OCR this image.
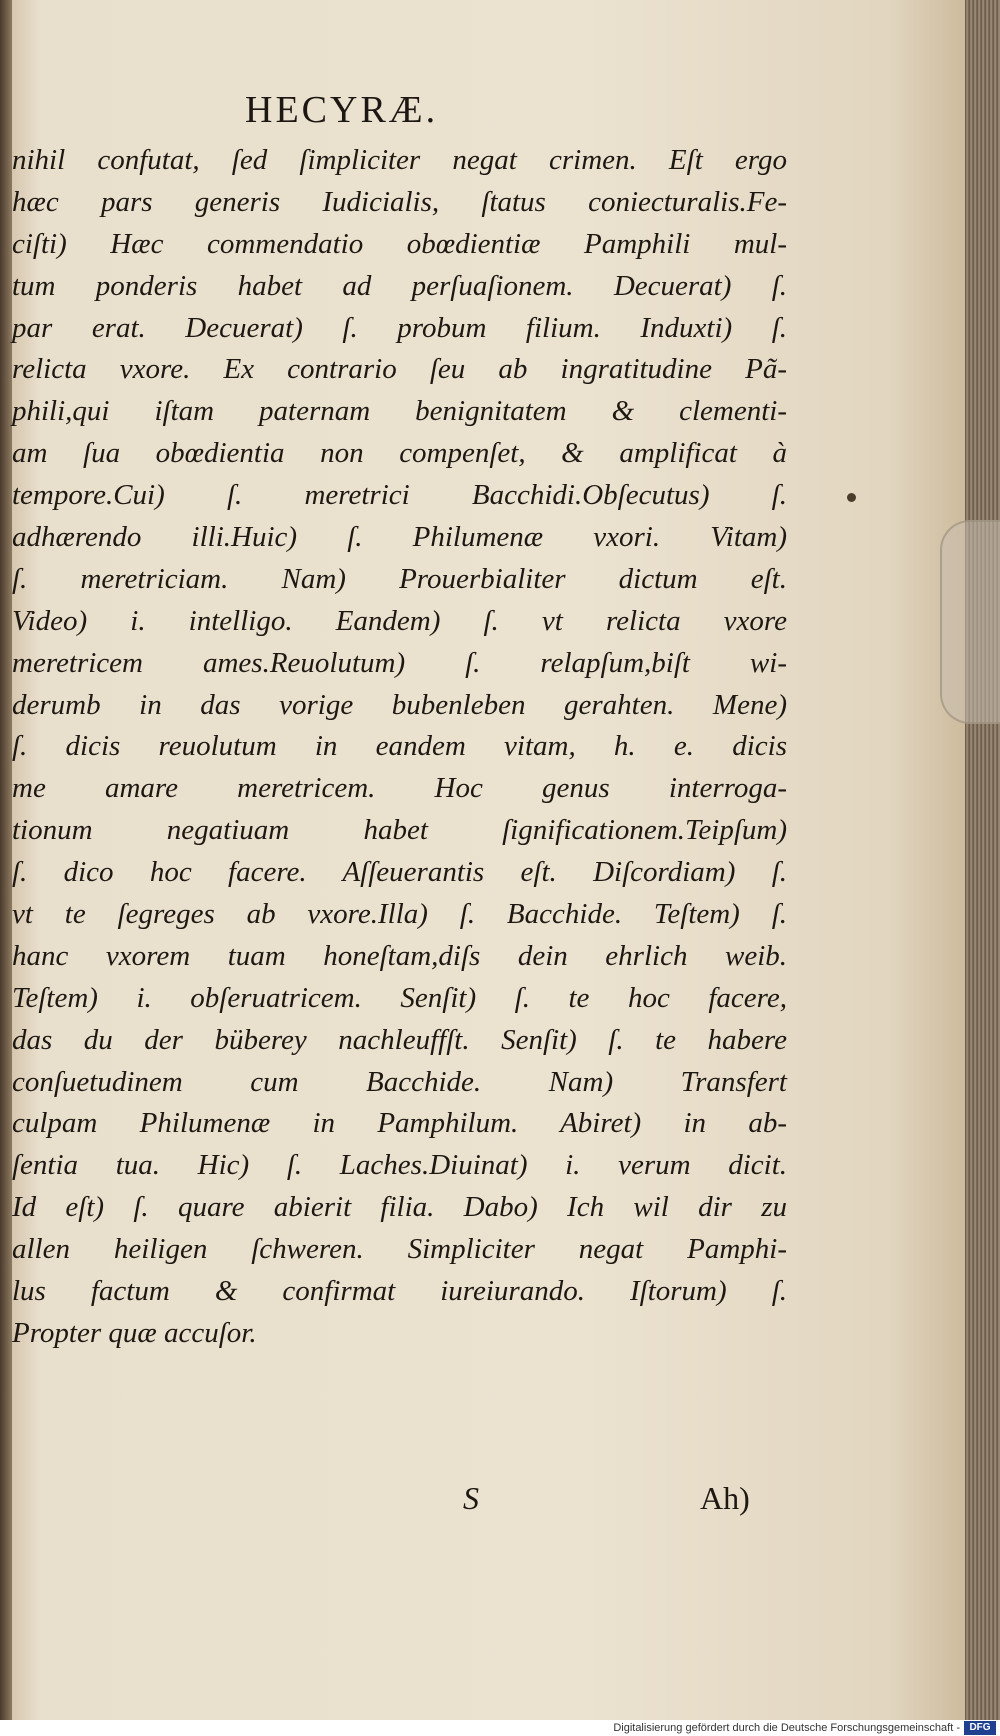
HECYRÆ.
nihil confutat, ſed ſimpliciter negat crimen. Eſt ergo
hæc pars generis Iudicialis, ſtatus coniecturalis.Fe-
ciſti) Hæc commendatio obœdientiæ Pamphili mul-
tum ponderis habet ad perſuaſionem. Decuerat) ſ.
par erat. Decuerat) ſ. probum filium. Induxti) ſ.
relicta vxore. Ex contrario ſeu ab ingratitudine Pã-
phili,qui iſtam paternam benignitatem & clementi-
am ſua obœdientia non compenſet, & amplificat à
tempore.Cui) ſ. meretrici Bacchidi.Obſecutus) ſ.
adhærendo illi.Huic) ſ. Philumenæ vxori. Vitam)
ſ. meretriciam. Nam) Prouerbialiter dictum eſt.
Video) i. intelligo. Eandem) ſ. vt relicta vxore
meretricem ames.Reuolutum) ſ. relapſum,biſt wi-
derumb in das vorige bubenleben gerahten. Mene)
ſ. dicis reuolutum in eandem vitam, h. e. dicis
me amare meretricem. Hoc genus interroga-
tionum negatiuam habet ſignificationem.Teipſum)
ſ. dico hoc facere. Aſſeuerantis eſt. Diſcordiam) ſ.
vt te ſegreges ab vxore.Illa) ſ. Bacchide. Teſtem) ſ.
hanc vxorem tuam honeſtam,diſs dein ehrlich weib.
Teſtem) i. obſeruatricem. Senſit) ſ. te hoc facere,
das du der büberey nachleuffſt. Senſit) ſ. te habere
conſuetudinem cum Bacchide. Nam) Transfert
culpam Philumenæ in Pamphilum. Abiret) in ab-
ſentia tua. Hic) ſ. Laches.Diuinat) i. verum dicit.
Id eſt) ſ. quare abierit filia. Dabo) Ich wil dir zu
allen heiligen ſchweren. Simpliciter negat Pamphi-
lus factum & confirmat iureiurando. Iſtorum) ſ.
Propter quæ accuſor.
S	Ah)
Digitalisierung gefördert durch die Deutsche Forschungsgemeinschaft - DFG
